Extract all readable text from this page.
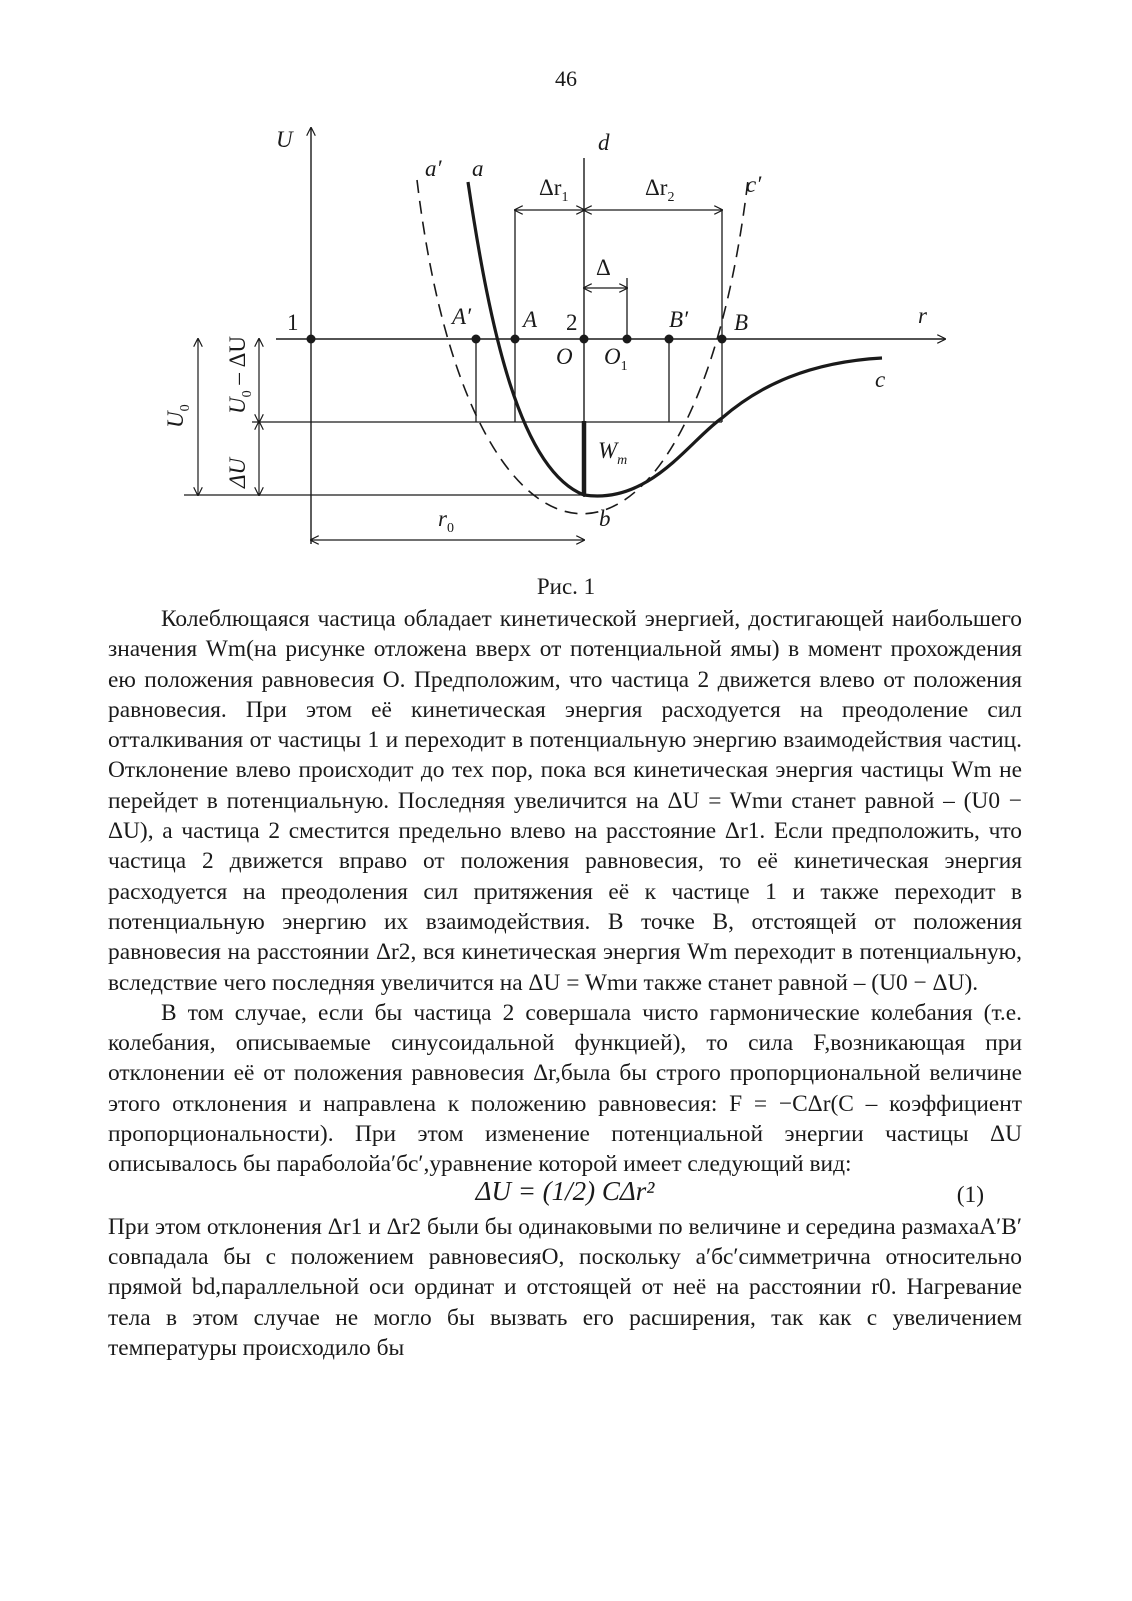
46
U	d
a′ a
c′
$\Delta r_1$	$\Delta r_2$
Δ
1	A′ A 2	B′ B	r
O $O_1$
c
$W_m$
$r_0$	b
$U_0$ $U_0$ – ΔU
ΔU
Рис. 1

Колеблющаяся частица обладает кинетической энергией, достигающей наибольшего значения Wm(на рисунке отложена вверх от потенциальной ямы) в момент прохождения ею положения равновесия O. Предположим, что частица 2 движется влево от положения равновесия. При этом её кинетическая энергия расходуется на преодоление сил отталкивания от частицы 1 и переходит в потенциальную энергию взаимодействия частиц. Отклонение влево происходит до тех пор, пока вся кинетическая энергия частицы Wm не перейдет в потенциальную. Последняя увеличится на ΔU = Wmи станет равной – (U0 − ΔU), а частица 2 сместится предельно влево на расстояние Δr1. Если предположить, что частица 2 движется вправо от положения равновесия, то её кинетическая энергия расходуется на преодоления сил притяжения её к частице 1 и также переходит в потенциальную энергию их взаимодействия. В точке B, отстоящей от положения равновесия на расстоянии Δr2, вся кинетическая энергия Wm переходит в потенциальную, вследствие чего последняя увеличится на ΔU = Wmи также станет равной – (U0 − ΔU).

В том случае, если бы частица 2 совершала чисто гармонические колебания (т.е. колебания, описываемые синусоидальной функцией), то сила F,возникающая при отклонении её от положения равновесия Δr,была бы строго пропорциональной величине этого отклонения и направлена к положению равновесия: F = −CΔr(C – коэффициент пропорциональности). При этом изменение потенциальной энергии частицы ΔU описывалось бы параболойa′бc′,уравнение которой имеет следующий вид:

ΔU = (1/2) CΔr²	(1)

При этом отклонения Δr1 и Δr2 были бы одинаковыми по величине и середина размахаA′B′ совпадала бы с положением равновесияO, поскольку a′бc′симметрична относительно прямой bd,параллельной оси ординат и отстоящей от неё на расстоянии r0. Нагревание тела в этом случае не могло бы вызвать его расширения, так как с увеличением температуры происходило бы
